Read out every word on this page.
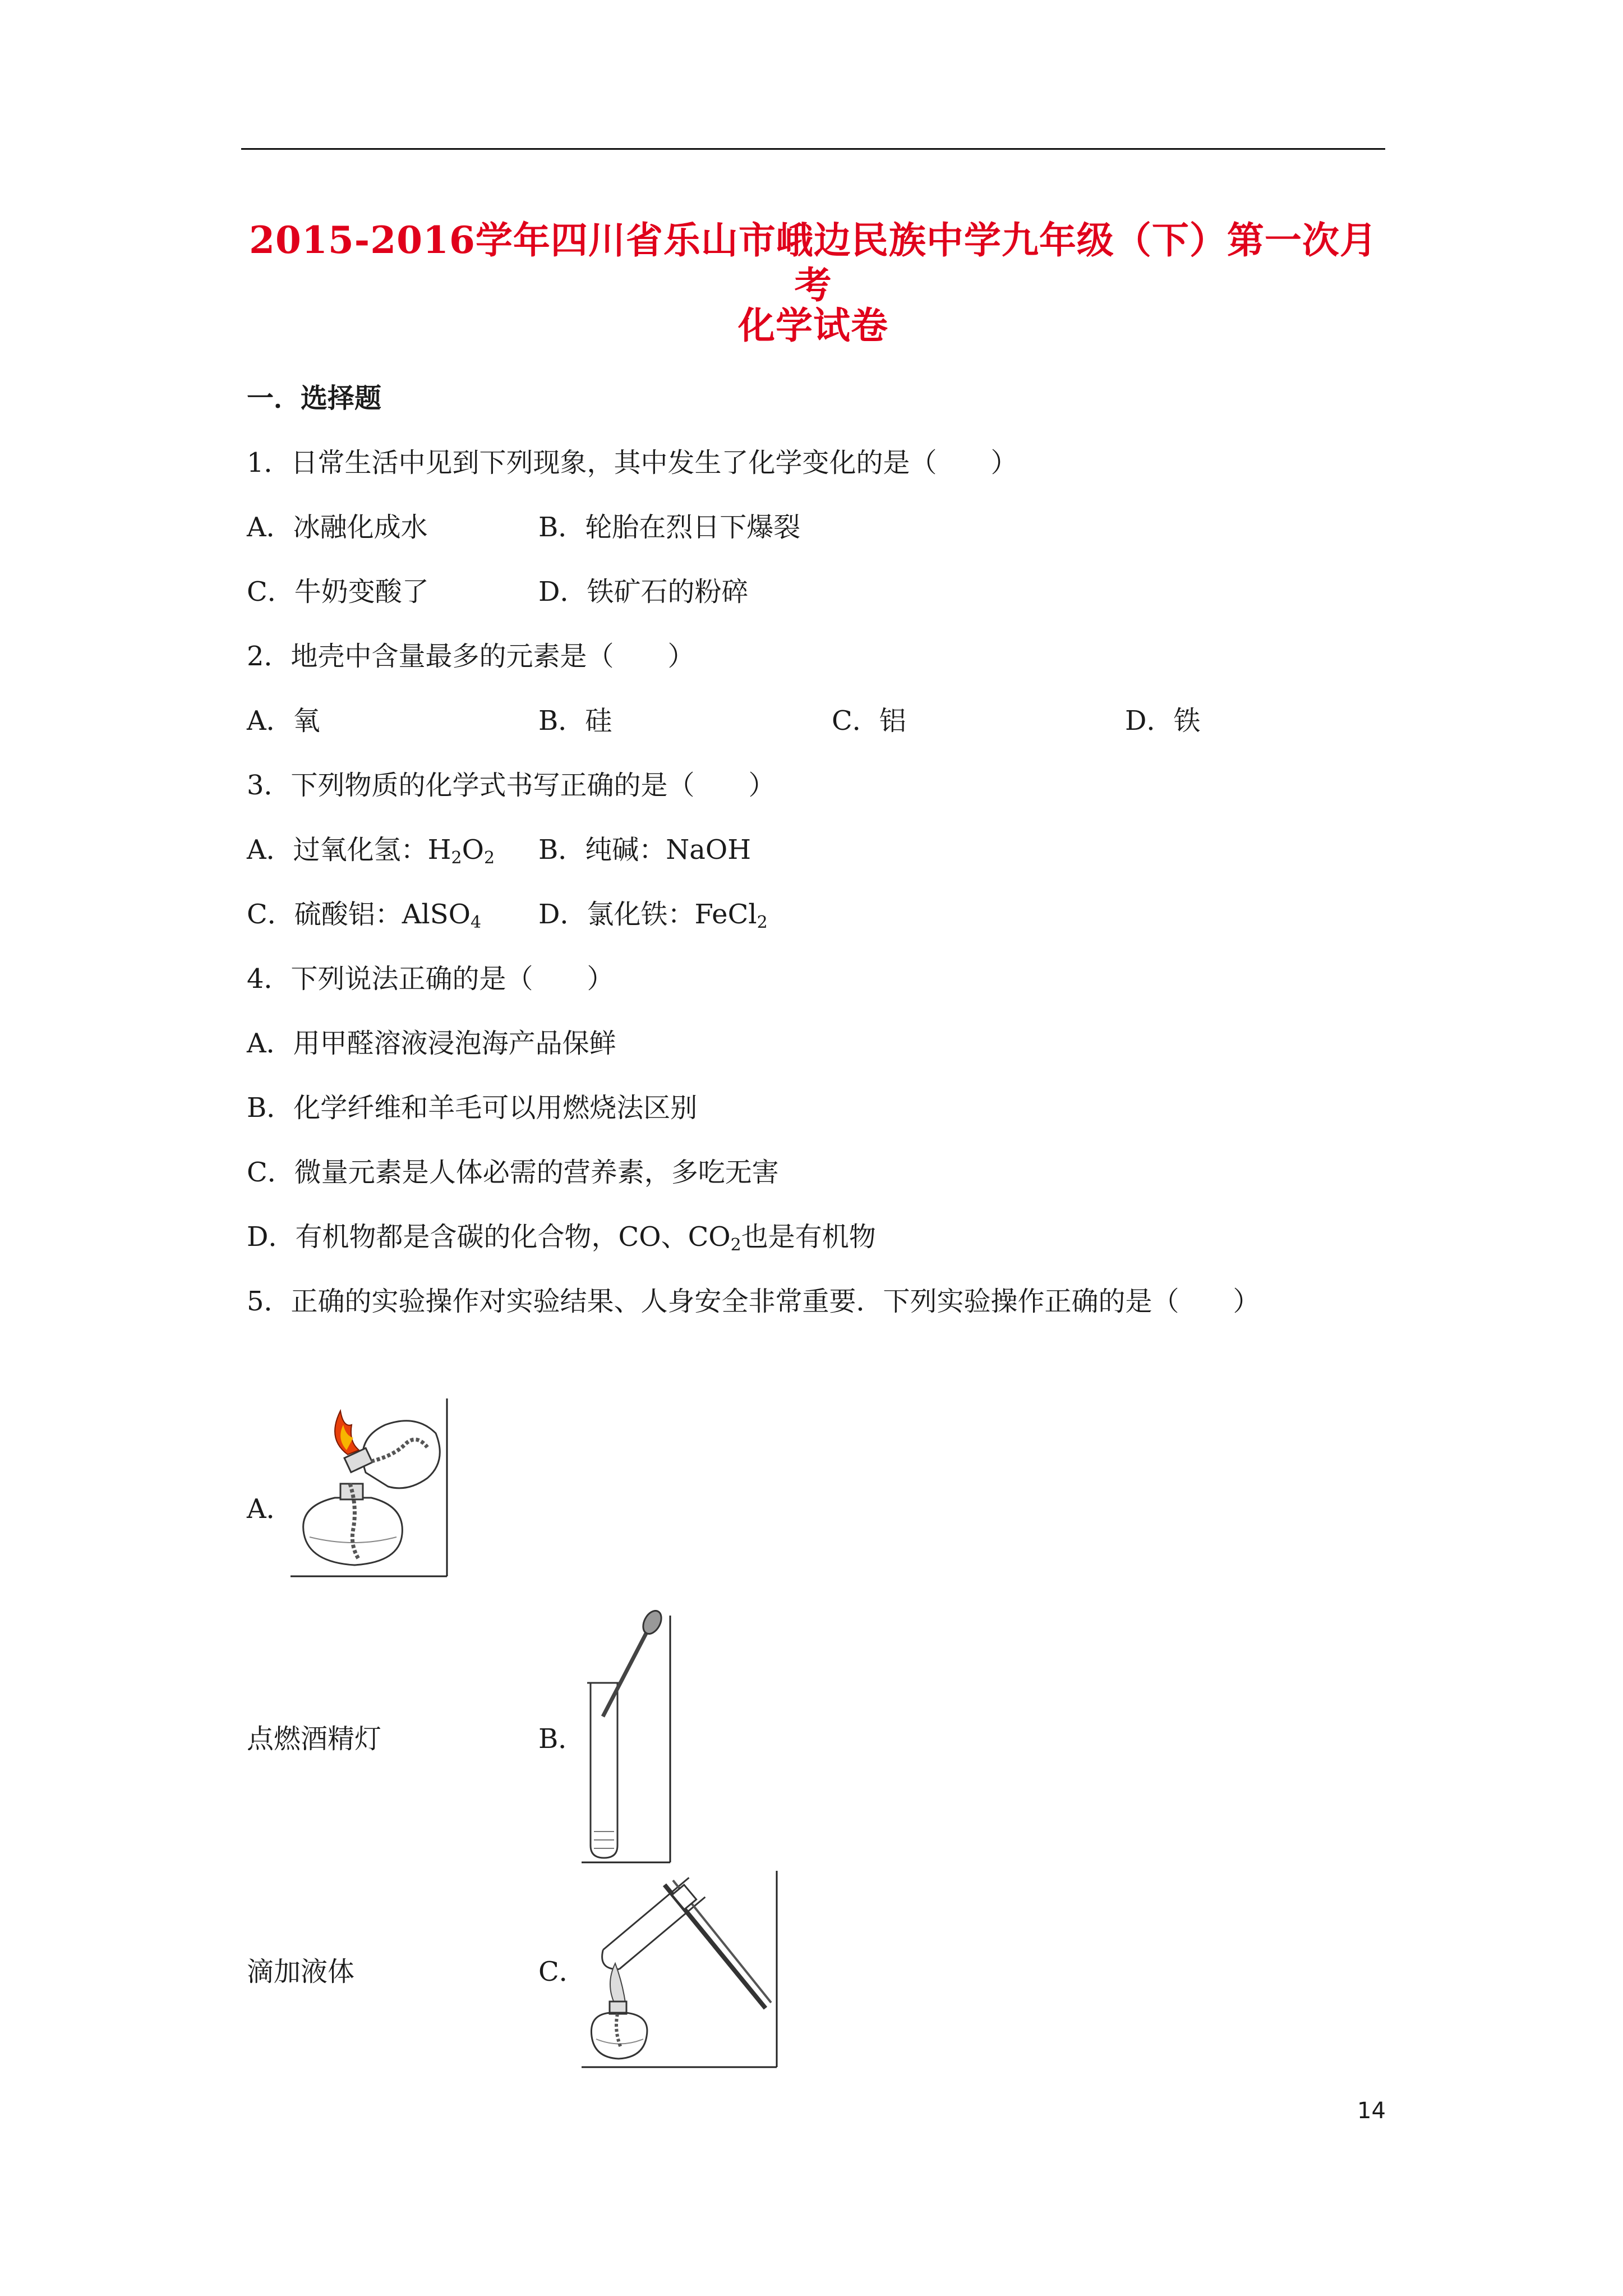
2015-2016学年四川省乐山市峨边民族中学九年级（下）第一次月考
化学试卷
一．选择题
1．日常生活中见到下列现象，其中发生了化学变化的是（　　）
A．冰融化成水	B．轮胎在烈日下爆裂
C．牛奶变酸了	D．铁矿石的粉碎
2．地壳中含量最多的元素是（　　）
A．氧	B．硅	C．铝	D．铁
3．下列物质的化学式书写正确的是（　　）
A．过氧化氢：$H_2O_2$ B．纯碱：NaOH
C．硫酸铝：AlSO$_4$ D．氯化铁：FeCl$_2$
4．下列说法正确的是（　　）
A．用甲醛溶液浸泡海产品保鲜
B．化学纤维和羊毛可以用燃烧法区别
C．微量元素是人体必需的营养素，多吃无害
D．有机物都是含碳的化合物，CO、$CO_2$也是有机物
5．正确的实验操作对实验结果、人身安全非常重要．下列实验操作正确的是（　　）
A．
点燃酒精灯	B．
滴加液体	C．
14
